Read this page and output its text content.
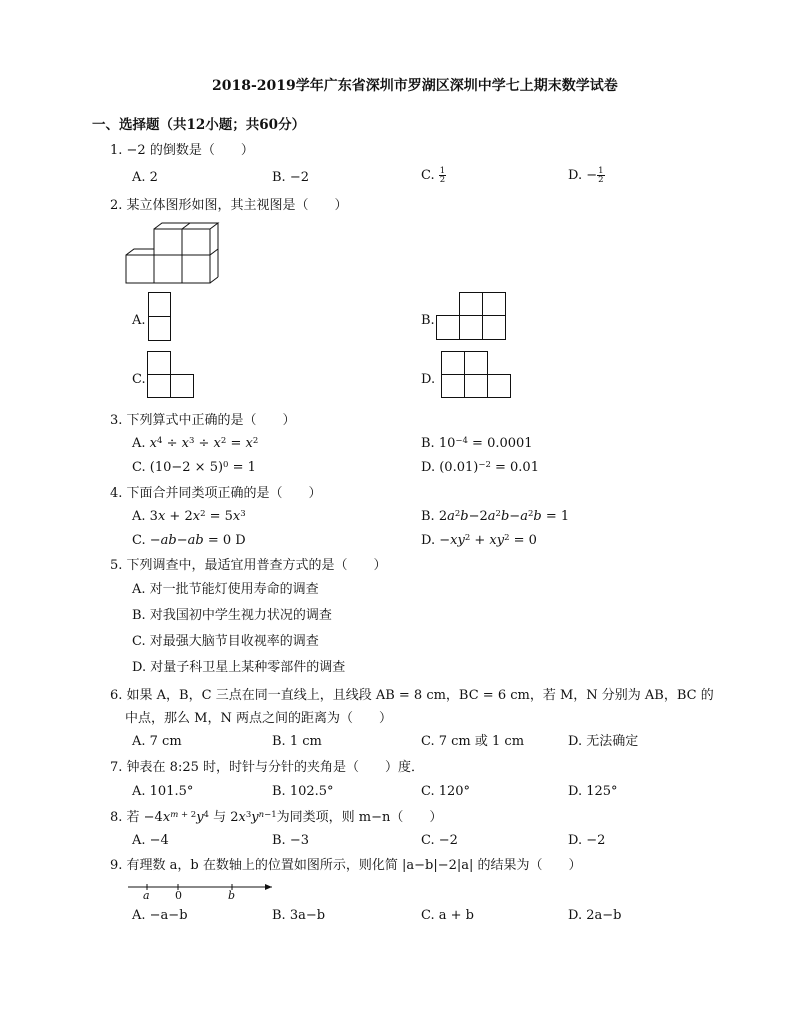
2018-2019学年广东省深圳市罗湖区深圳中学七上期末数学试卷
一、选择题（共12小题；共60分）
1. −2 的倒数是（　　）
A. 2	B. −2	C. $\frac{1}{2}$	D. − $\frac{1}{2}$
2. 某立体图形如图，其主视图是（　　）
A.	B.
C.	D.
3. 下列算式中正确的是（　　）
A. $x^4 \div x^3 \div x^2 = x^2$	B. $10^{-4} = 0.0001$
C. $(10-2 \times 5)^0 = 1$	D. $(0.01)^{-2} = 0.01$
4. 下面合并同类项正确的是（　　）
A. $3x + 2x^2 = 5x^3$	B. $2a^2b-2a^2b-a^2b = 1$
C. −ab−ab = 0 D	D. $-xy^2 + xy^2 = 0$
5. 下列调查中，最适宜用普查方式的是（　　）
A. 对一批节能灯使用寿命的调查
B. 对我国初中学生视力状况的调查
C. 对最强大脑节目收视率的调查
D. 对量子科卫星上某种零部件的调查
6. 如果 A，B，C 三点在同一直线上，且线段 AB = 8 cm，BC = 6 cm，若 M，N 分别为 AB，BC 的
中点，那么 M，N 两点之间的距离为（　　）
A. 7 cm	B. 1 cm	C. 7 cm 或 1 cm	D. 无法确定
7. 钟表在 8:25 时，时针与分针的夹角是（　　）度．
A. 101.5°	B. 102.5°	C. 120°	D. 125°
8. 若 $-4x^{m + 2}y^4$ 与 $2x^3y^{n-1}$为同类项，则 m−n（　　）
A. −4	B. −3	C. −2	D. −2
9. 有理数 a，b 在数轴上的位置如图所示，则化简 |a−b|−2|a| 的结果为（　　）
a 0	b
A. −a−b	B. 3a−b	C. a + b	D. 2a−b
